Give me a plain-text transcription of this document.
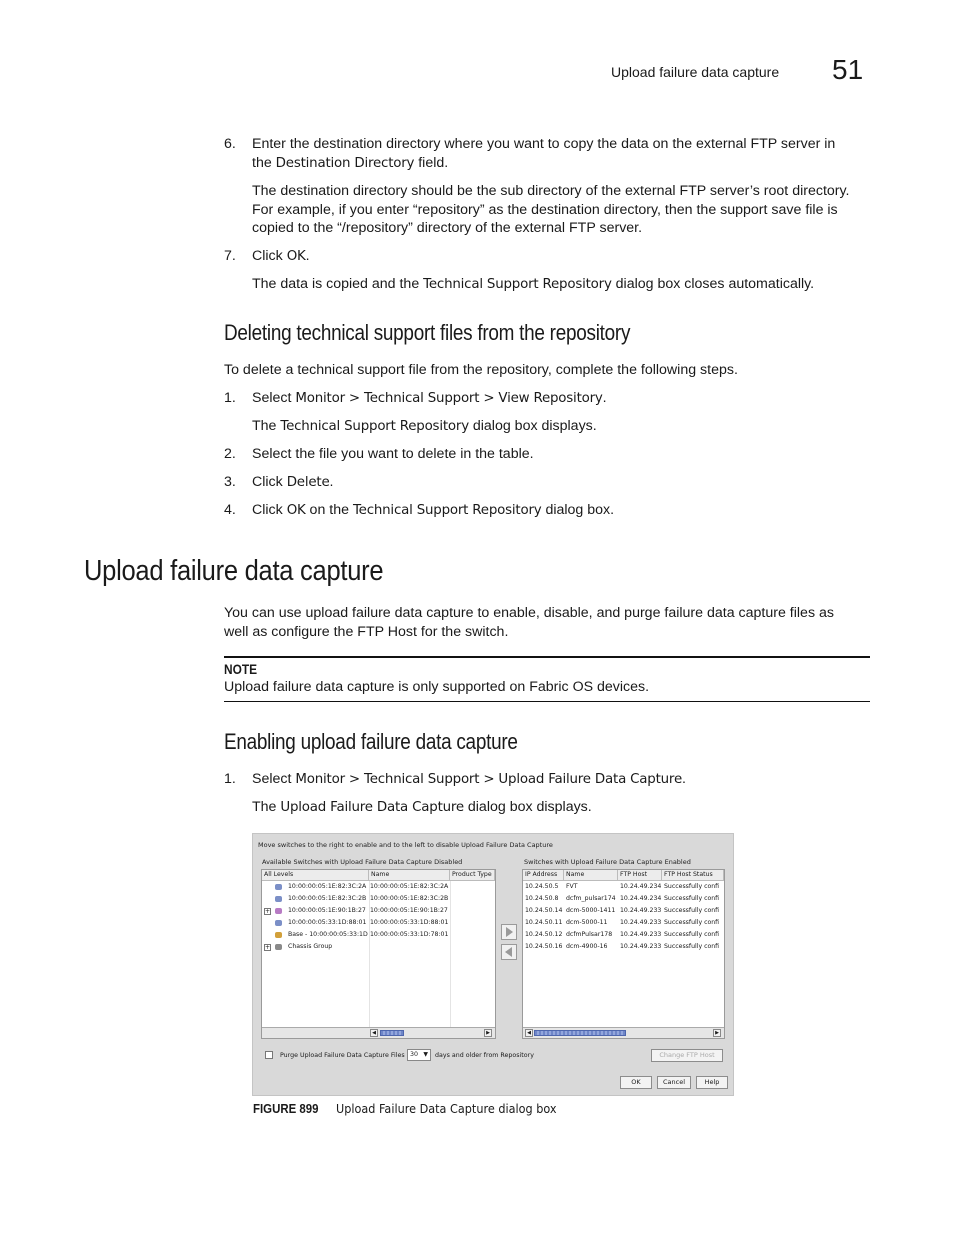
Upload failure data capture 51
6.	Enter the destination directory where you want to copy the data on the external FTP server in
the Destination Directory field.
The destination directory should be the sub directory of the external FTP server’s root directory.
For example, if you enter “repository” as the destination directory, then the support save file is
copied to the “/repository” directory of the external FTP server.
7.	Click OK.
The data is copied and the Technical Support Repository dialog box closes automatically.
Deleting technical support files from the repository
To delete a technical support file from the repository, complete the following steps.
1.	Select Monitor > Technical Support > View Repository.
The Technical Support Repository dialog box displays.
2.	Select the file you want to delete in the table.
3.	Click Delete.
4.	Click OK on the Technical Support Repository dialog box.
Upload failure data capture
You can use upload failure data capture to enable, disable, and purge failure data capture files as
well as configure the FTP Host for the switch.
NOTE
Upload failure data capture is only supported on Fabric OS devices.
Enabling upload failure data capture
1.	Select Monitor > Technical Support > Upload Failure Data Capture.
The Upload Failure Data Capture dialog box displays.
Move switches to the right to enable and to the left to disable Upload Failure Data Capture
Available Switches with Upload Failure Data Capture Disabled
All Levels	Name	Product Type
10:00:00:05:1E:82:3C:2A 10:00:00:05:1E:82:3C:2A
10:00:00:05:1E:82:3C:2B 10:00:00:05:1E:82:3C:2B
+	10:00:00:05:1E:90:1B:27 10:00:00:05:1E:90:1B:27
10:00:00:05:33:1D:88:01 10:00:00:05:33:1D:88:01
Base - 10:00:00:05:33:1D 10:00:00:05:33:1D:78:01
+	Chassis Group
◀	▶
Switches with Upload Failure Data Capture Enabled
IP Address	Name	FTP Host	FTP Host Status
10.24.50.5 FVT	10.24.49.234 Successfully confi
10.24.50.8 dcfm_pulsar174 10.24.49.234 Successfully confi
10.24.50.14 dcm-5000-1411 10.24.49.233 Successfully confi
10.24.50.11 dcm-5000-11 10.24.49.233 Successfully confi
10.24.50.12 dcfmPulsar178 10.24.49.233 Successfully confi
10.24.50.16 dcm-4900-16 10.24.49.233 Successfully confi
◀	▶
Purge Upload Failure Data Capture Files 30 ▼ days and older from Repository	Change FTP Host
OK	Cancel	Help
FIGURE 899 Upload Failure Data Capture dialog box
